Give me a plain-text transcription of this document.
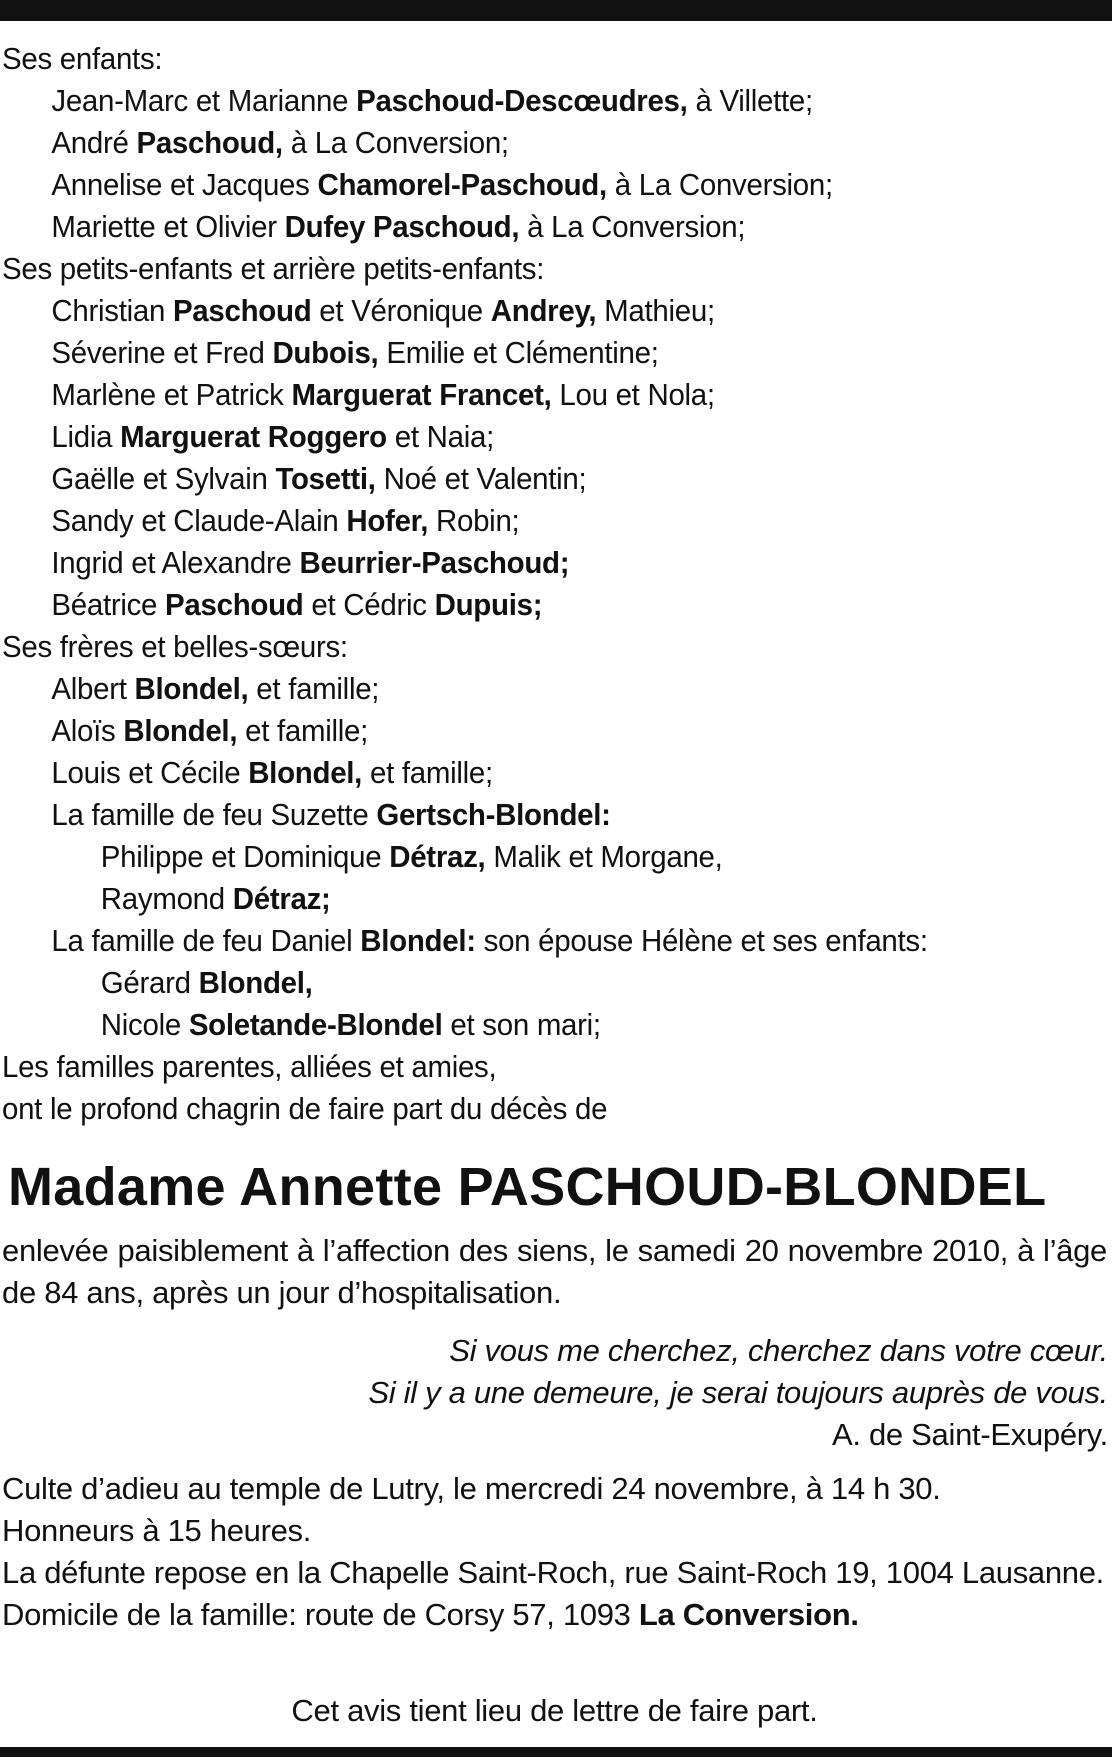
Ses enfants:
Jean-Marc et Marianne Paschoud-Descœudres, à Villette;
André Paschoud, à La Conversion;
Annelise et Jacques Chamorel-Paschoud, à La Conversion;
Mariette et Olivier Dufey Paschoud, à La Conversion;
Ses petits-enfants et arrière petits-enfants:
Christian Paschoud et Véronique Andrey, Mathieu;
Séverine et Fred Dubois, Emilie et Clémentine;
Marlène et Patrick Marguerat Francet, Lou et Nola;
Lidia Marguerat Roggero et Naia;
Gaëlle et Sylvain Tosetti, Noé et Valentin;
Sandy et Claude-Alain Hofer, Robin;
Ingrid et Alexandre Beurrier-Paschoud;
Béatrice Paschoud et Cédric Dupuis;
Ses frères et belles-sœurs:
Albert Blondel, et famille;
Aloïs Blondel, et famille;
Louis et Cécile Blondel, et famille;
La famille de feu Suzette Gertsch-Blondel:
Philippe et Dominique Détraz, Malik et Morgane,
Raymond Détraz;
La famille de feu Daniel Blondel: son épouse Hélène et ses enfants:
Gérard Blondel,
Nicole Soletande-Blondel et son mari;
Les familles parentes, alliées et amies,
ont le profond chagrin de faire part du décès de
Madame Annette PASCHOUD-BLONDEL
enlevée paisiblement à l’affection des siens, le samedi 20 novembre 2010, à l’âge de 84 ans, après un jour d’hospitalisation.
Si vous me cherchez, cherchez dans votre cœur.
Si il y a une demeure, je serai toujours auprès de vous.
A. de Saint-Exupéry.
Culte d’adieu au temple de Lutry, le mercredi 24 novembre, à 14 h 30.
Honneurs à 15 heures.
La défunte repose en la Chapelle Saint-Roch, rue Saint-Roch 19, 1004 Lausanne.
Domicile de la famille: route de Corsy 57, 1093 La Conversion.
Cet avis tient lieu de lettre de faire part.
